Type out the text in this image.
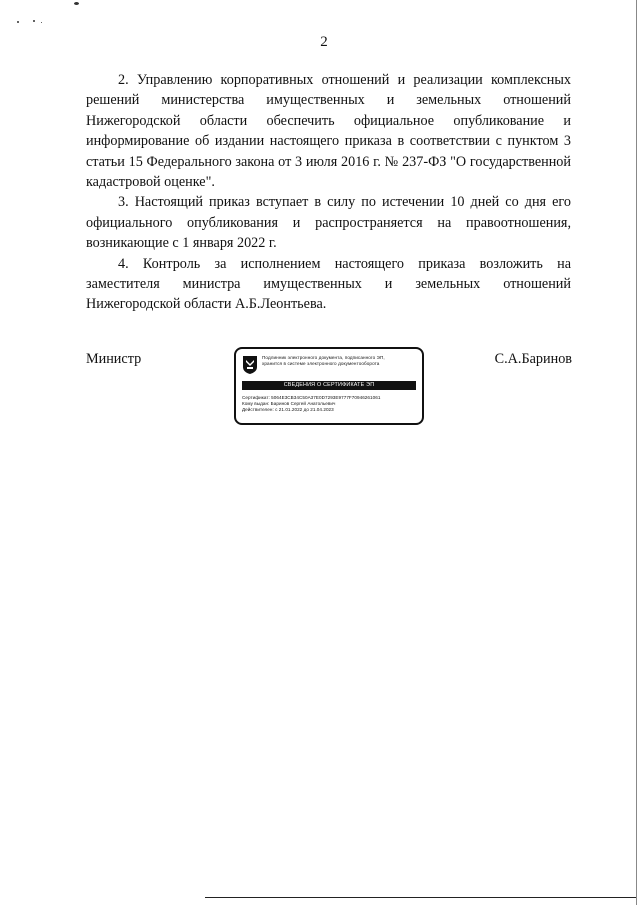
2

2. Управлению корпоративных отношений и реализации комплексных решений министерства имущественных и земельных отношений Нижегородской области обеспечить официальное опубликование и информирование об издании настоящего приказа в соответствии с пунктом 3 статьи 15 Федерального закона от 3 июля 2016 г. № 237-ФЗ "О государственной кадастровой оценке".

3. Настоящий приказ вступает в силу по истечении 10 дней со дня его официального опубликования и распространяется на правоотношения, возникающие с 1 января 2022 г.

4. Контроль за исполнением настоящего приказа возложить на заместителя министра имущественных и земельных отношений Нижегородской области А.Б.Леонтьева.

Министр	Подлинник электронного документа, подписанного ЭП,
хранится в системе электронного документооборота
СВЕДЕНИЯ О СЕРТИФИКАТЕ ЭП
Сертификат: 5064E3CB34C50A37E0D7293E9777F70946261061
Кому выдан: Баринов Сергей Анатольевич
Действителен: с 21.01.2022 до 21.04.2023
С.А.Баринов
